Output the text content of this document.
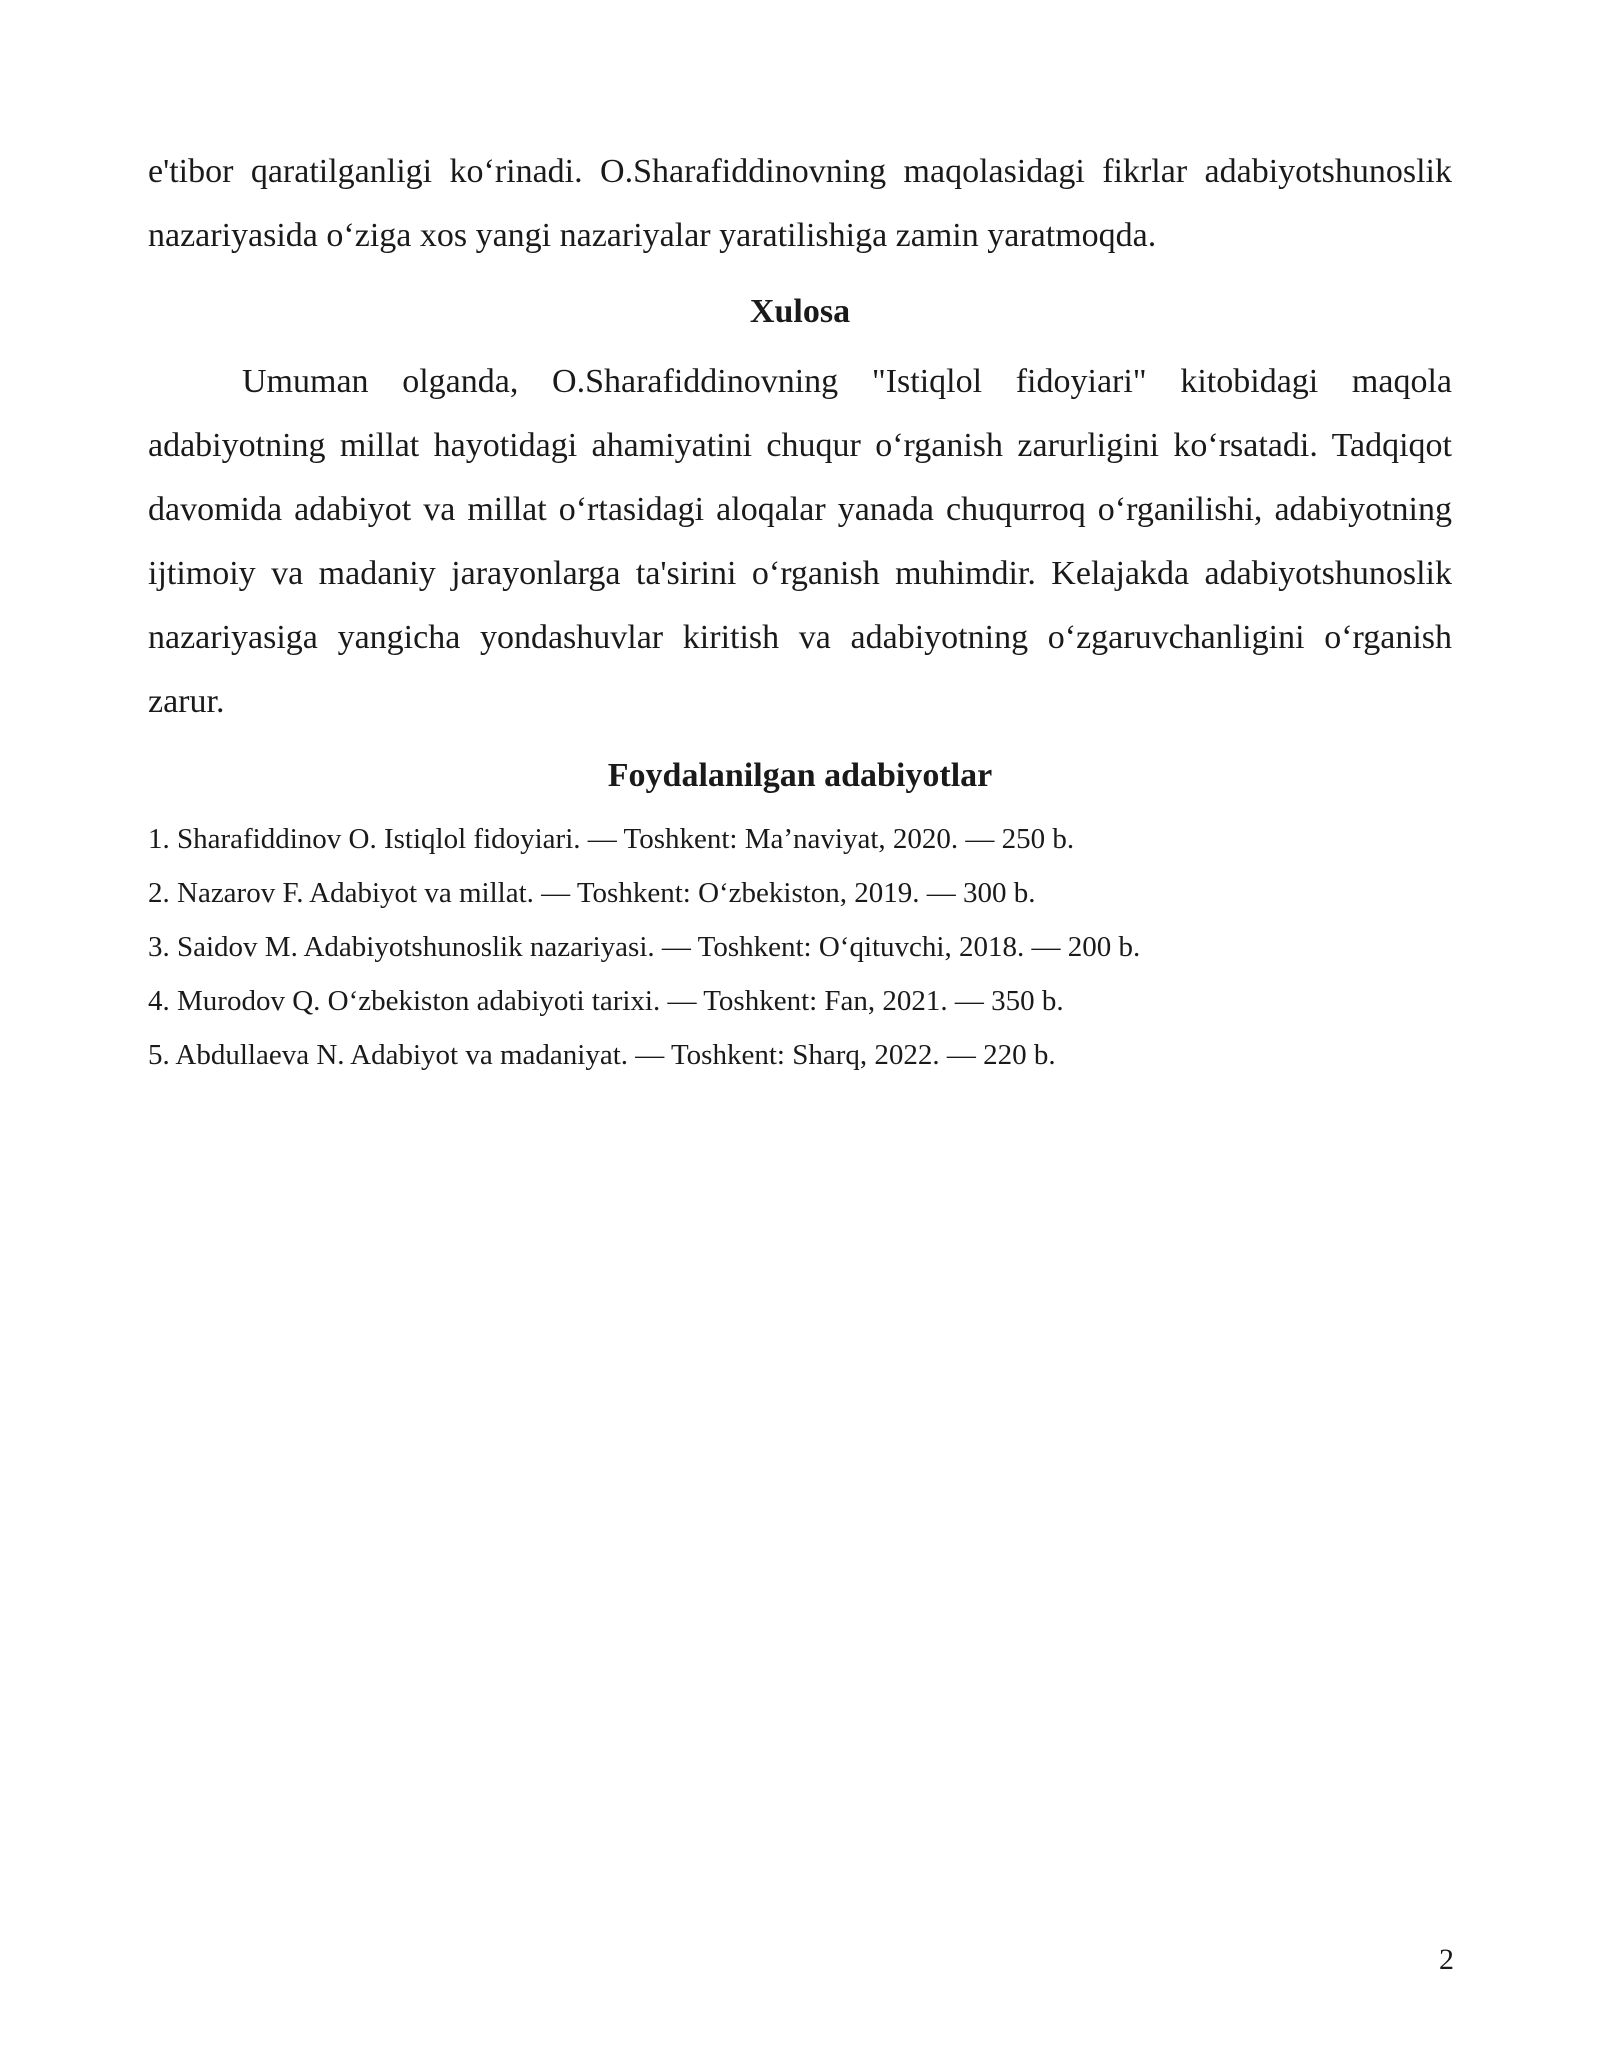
e'tibor qaratilganligi ko‘rinadi. O.Sharafiddinovning maqolasidagi fikrlar adabiyotshunoslik nazariyasida o‘ziga xos yangi nazariyalar yaratilishiga zamin yaratmoqda.

Xulosa

Umuman olganda, O.Sharafiddinovning "Istiqlol fidoyiari" kitobidagi maqola adabiyotning millat hayotidagi ahamiyatini chuqur o‘rganish zarurligini ko‘rsatadi. Tadqiqot davomida adabiyot va millat o‘rtasidagi aloqalar yanada chuqurroq o‘rganilishi, adabiyotning ijtimoiy va madaniy jarayonlarga ta'sirini o‘rganish muhimdir. Kelajakda adabiyotshunoslik nazariyasiga yangicha yondashuvlar kiritish va adabiyotning o‘zgaruvchanligini o‘rganish zarur.

Foydalanilgan adabiyotlar
1. Sharafiddinov O. Istiqlol fidoyiari. — Toshkent: Ma’naviyat, 2020. — 250 b.
2. Nazarov F. Adabiyot va millat. — Toshkent: O‘zbekiston, 2019. — 300 b.
3. Saidov M. Adabiyotshunoslik nazariyasi. — Toshkent: O‘qituvchi, 2018. — 200 b.
4. Murodov Q. O‘zbekiston adabiyoti tarixi. — Toshkent: Fan, 2021. — 350 b.
5. Abdullaeva N. Adabiyot va madaniyat. — Toshkent: Sharq, 2022. — 220 b.
2
